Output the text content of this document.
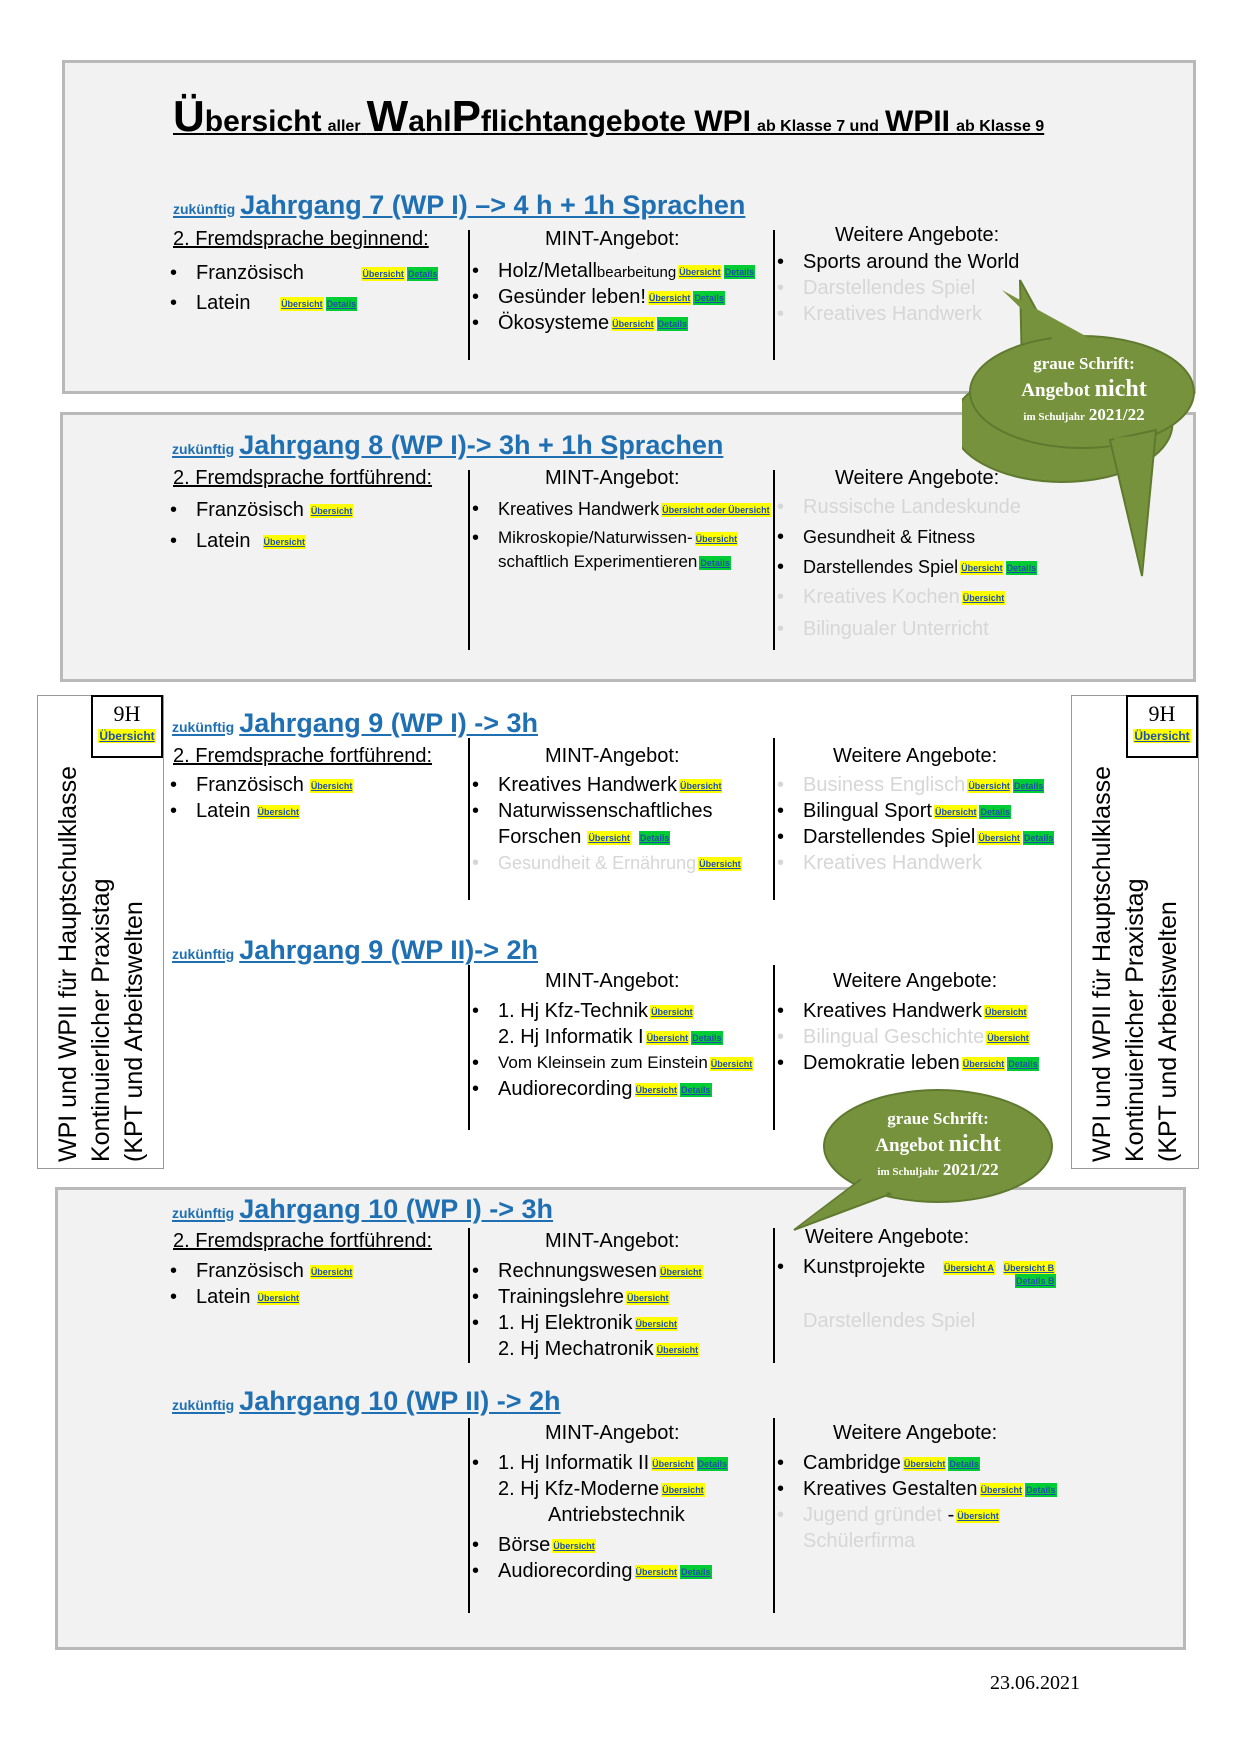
Übersicht aller WahlPflichtangebote WPI ab Klasse 7 und WPII ab Klasse 9
zukünftig Jahrgang 7 (WP I) –> 4 h + 1h Sprachen
2. Fremdsprache beginnend:	MINT-Angebot:	Weitere Angebote:
• Französisch	Übersicht Details
• Latein	Übersicht Details
• Holz/Metallbearbeitung Übersicht Details
• Gesünder leben! Übersicht Details
• Ökosysteme Übersicht Details
• Sports around the World
• Darstellendes Spiel
• Kreatives Handwerk
zukünftig Jahrgang 8 (WP I)-> 3h + 1h Sprachen
2. Fremdsprache fortführend:	MINT-Angebot:	Weitere Angebote:
• Französisch Übersicht
• Latein Übersicht
• Kreatives Handwerk Übersicht oder Übersicht
• Mikroskopie/Naturwissen- Übersicht
schaftlich Experimentieren Details
• Russische Landeskunde
• Gesundheit & Fitness
• Darstellendes Spiel Übersicht Details
• Kreatives Kochen Übersicht
• Bilingualer Unterricht
graue Schrift:
Angebot nicht
im Schuljahr 2021/22
9H
Übersicht
WPI und WPII für Hauptschulklasse Kontinuierlicher Praxistag (KPT und Arbeitswelten
9H
Übersicht
WPI und WPII für Hauptschulklasse Kontinuierlicher Praxistag (KPT und Arbeitswelten
zukünftig Jahrgang 9 (WP I) -> 3h
2. Fremdsprache fortführend:	MINT-Angebot:	Weitere Angebote:
• Französisch Übersicht
• Latein Übersicht
• Kreatives Handwerk Übersicht
• Naturwissenschaftliches
Forschen Übersicht Details
• Gesundheit & Ernährung Übersicht
• Business Englisch Übersicht Details
• Bilingual Sport Übersicht Details
• Darstellendes Spiel Übersicht Details
• Kreatives Handwerk
zukünftig Jahrgang 9 (WP II)-> 2h
MINT-Angebot:	Weitere Angebote:
• 1. Hj Kfz-Technik Übersicht
2. Hj Informatik I Übersicht Details
• Vom Kleinsein zum Einstein Übersicht
• Audiorecording Übersicht Details
• Kreatives Handwerk Übersicht
• Bilingual Geschichte Übersicht
• Demokratie leben Übersicht Details
graue Schrift:
Angebot nicht
im Schuljahr 2021/22
zukünftig Jahrgang 10 (WP I) -> 3h
2. Fremdsprache fortführend:	MINT-Angebot:	Weitere Angebote:
• Französisch Übersicht
• Latein Übersicht
• Rechnungswesen Übersicht
• Trainingslehre Übersicht
• 1. Hj Elektronik Übersicht
2. Hj Mechatronik Übersicht
• Kunstprojekte Übersicht A Übersicht B
Details B
Darstellendes Spiel
zukünftig Jahrgang 10 (WP II) -> 2h
MINT-Angebot:	Weitere Angebote:
• 1. Hj Informatik II Übersicht Details
2. Hj Kfz-Moderne Übersicht
Antriebstechnik
• Börse Übersicht
• Audiorecording Übersicht Details
• Cambridge Übersicht Details
• Kreatives Gestalten Übersicht Details
• Jugend gründet - Übersicht
Schülerfirma
23.06.2021
